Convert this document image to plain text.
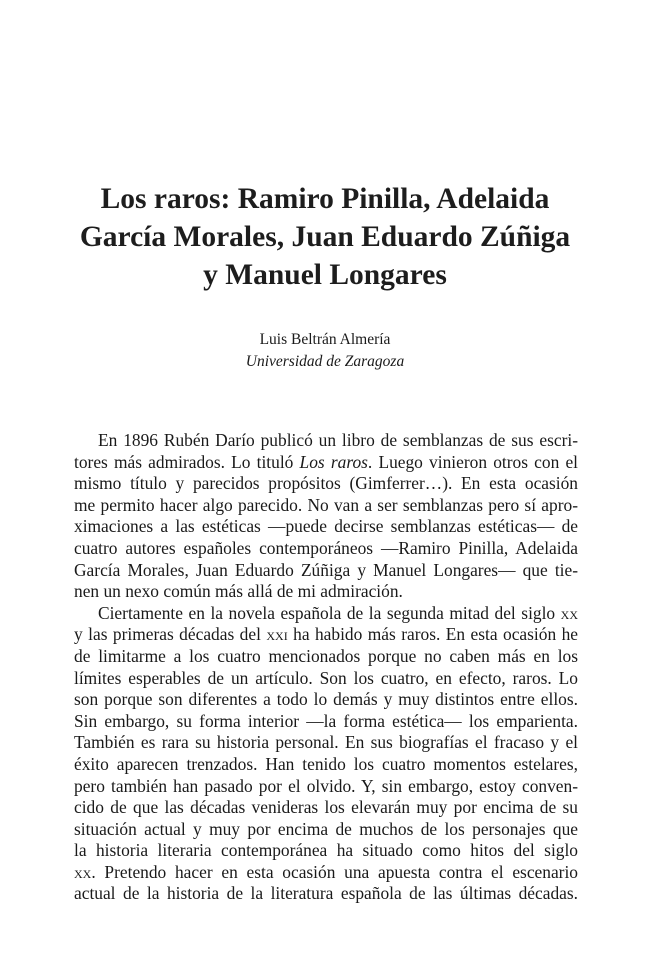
Los raros: Ramiro Pinilla, Adelaida
García Morales, Juan Eduardo Zúñiga
y Manuel Longares
Luis Beltrán Almería
Universidad de Zaragoza

En 1896 Rubén Darío publicó un libro de semblanzas de sus escri-
tores más admirados. Lo tituló Los raros. Luego vinieron otros con el
mismo título y parecidos propósitos (Gimferrer…). En esta ocasión
me permito hacer algo parecido. No van a ser semblanzas pero sí apro-
ximaciones a las estéticas —puede decirse semblanzas estéticas— de
cuatro autores españoles contemporáneos —Ramiro Pinilla, Adelaida
García Morales, Juan Eduardo Zúñiga y Manuel Longares— que tie-
nen un nexo común más allá de mi admiración.

Ciertamente en la novela española de la segunda mitad del siglo xx
y las primeras décadas del xxi ha habido más raros. En esta ocasión he
de limitarme a los cuatro mencionados porque no caben más en los
límites esperables de un artículo. Son los cuatro, en efecto, raros. Lo
son porque son diferentes a todo lo demás y muy distintos entre ellos.
Sin embargo, su forma interior —la forma estética— los emparienta.
También es rara su historia personal. En sus biografías el fracaso y el
éxito aparecen trenzados. Han tenido los cuatro momentos estelares,
pero también han pasado por el olvido. Y, sin embargo, estoy conven-
cido de que las décadas venideras los elevarán muy por encima de su
situación actual y muy por encima de muchos de los personajes que
la historia literaria contemporánea ha situado como hitos del siglo
xx. Pretendo hacer en esta ocasión una apuesta contra el escenario
actual de la historia de la literatura española de las últimas décadas.
